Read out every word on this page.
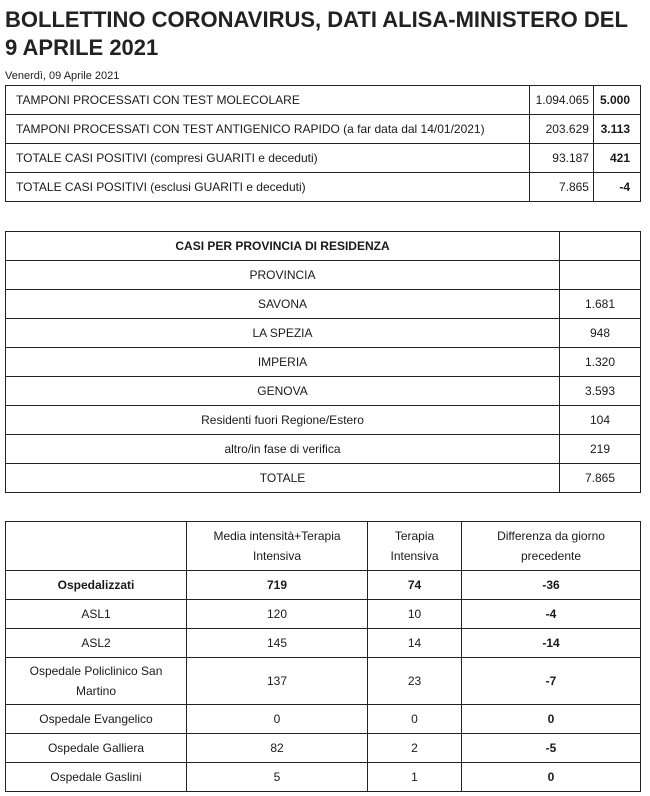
BOLLETTINO CORONAVIRUS, DATI ALISA-MINISTERO DEL 9 APRILE 2021
Venerdì, 09 Aprile 2021
TAMPONI PROCESSATI CON TEST MOLECOLARE	1.094.065	5.000
TAMPONI PROCESSATI CON TEST ANTIGENICO RAPIDO (a far data dal 14/01/2021)	203.629	3.113
TOTALE CASI POSITIVI (compresi GUARITI e deceduti)	93.187	421
TOTALE CASI POSITIVI (esclusi GUARITI e deceduti)	7.865	-4
CASI PER PROVINCIA DI RESIDENZA	
PROVINCIA	
SAVONA	1.681
LA SPEZIA	948
IMPERIA	1.320
GENOVA	3.593
Residenti fuori Regione/Estero	104
altro/in fase di verifica	219
TOTALE	7.865
	Media intensità+Terapia Intensiva	Terapia Intensiva	Differenza da giorno precedente
Ospedalizzati	719	74	-36
ASL1	120	10	-4
ASL2	145	14	-14
Ospedale Policlinico San Martino	137	23	-7
Ospedale Evangelico	0	0	0
Ospedale Galliera	82	2	-5
Ospedale Gaslini	5	1	0
